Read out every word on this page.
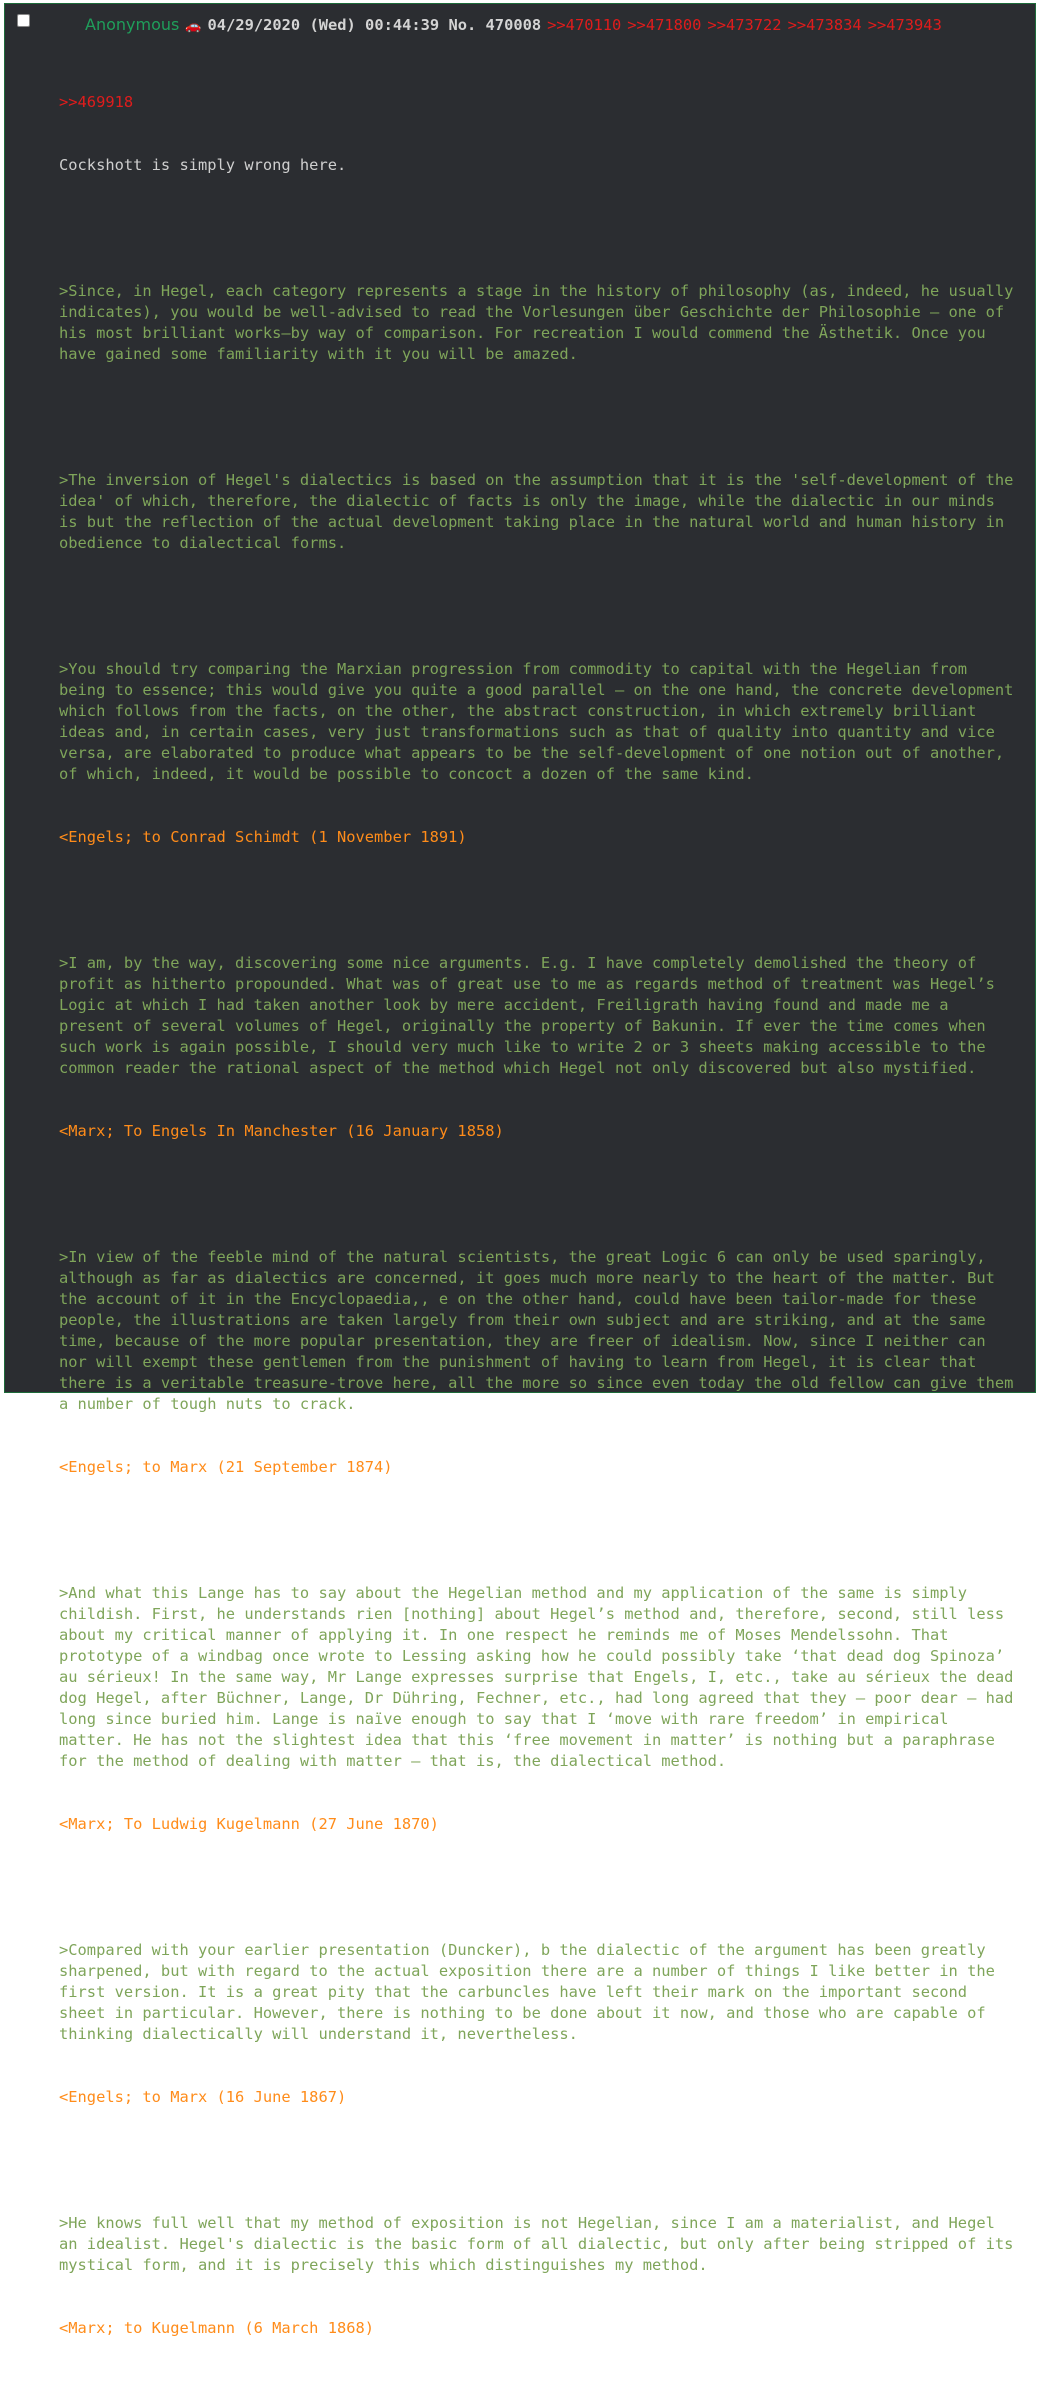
Anonymous 🚗 04/29/2020 (Wed) 00:44:39 No. 470008 >>470110 >>471800 >>473722 >>473834 >>473943

>>469918

Cockshott is simply wrong here.

>Since, in Hegel, each category represents a stage in the history of philosophy (as, indeed, he usually indicates), you would be well-advised to read the Vorlesungen über Geschichte der Philosophie — one of his most brilliant works—by way of comparison. For recreation I would commend the Ästhetik. Once you have gained some familiarity with it you will be amazed.

>The inversion of Hegel's dialectics is based on the assumption that it is the 'self-development of the idea' of which, therefore, the dialectic of facts is only the image, while the dialectic in our minds is but the reflection of the actual development taking place in the natural world and human history in obedience to dialectical forms.

>You should try comparing the Marxian progression from commodity to capital with the Hegelian from being to essence; this would give you quite a good parallel — on the one hand, the concrete development which follows from the facts, on the other, the abstract construction, in which extremely brilliant ideas and, in certain cases, very just transformations such as that of quality into quantity and vice versa, are elaborated to produce what appears to be the self-development of one notion out of another, of which, indeed, it would be possible to concoct a dozen of the same kind.

<Engels; to Conrad Schimdt (1 November 1891)

>I am, by the way, discovering some nice arguments. E.g. I have completely demolished the theory of profit as hitherto propounded. What was of great use to me as regards method of treatment was Hegel’s Logic at which I had taken another look by mere accident, Freiligrath having found and made me a present of several volumes of Hegel, originally the property of Bakunin. If ever the time comes when such work is again possible, I should very much like to write 2 or 3 sheets making accessible to the common reader the rational aspect of the method which Hegel not only discovered but also mystified.

<Marx; To Engels In Manchester (16 January 1858)

>In view of the feeble mind of the natural scientists, the great Logic 6 can only be used sparingly, although as far as dialectics are concerned, it goes much more nearly to the heart of the matter. But the account of it in the Encyclopaedia,, e on the other hand, could have been tailor-made for these people, the illustrations are taken largely from their own subject and are striking, and at the same time, because of the more popular presentation, they are freer of idealism. Now, since I neither can nor will exempt these gentlemen from the punishment of having to learn from Hegel, it is clear that there is a veritable treasure-trove here, all the more so since even today the old fellow can give them a number of tough nuts to crack.

<Engels; to Marx (21 September 1874)

>And what this Lange has to say about the Hegelian method and my application of the same is simply childish. First, he understands rien [nothing] about Hegel’s method and, therefore, second, still less about my critical manner of applying it. In one respect he reminds me of Moses Mendelssohn. That prototype of a windbag once wrote to Lessing asking how he could possibly take ‘that dead dog Spinoza’ au sérieux! In the same way, Mr Lange expresses surprise that Engels, I, etc., take au sérieux the dead dog Hegel, after Büchner, Lange, Dr Dühring, Fechner, etc., had long agreed that they — poor dear — had long since buried him. Lange is naïve enough to say that I ‘move with rare freedom’ in empirical matter. He has not the slightest idea that this ‘free movement in matter’ is nothing but a paraphrase for the method of dealing with matter — that is, the dialectical method.

<Marx; To Ludwig Kugelmann (27 June 1870)

>Compared with your earlier presentation (Duncker), b the dialectic of the argument has been greatly sharpened, but with regard to the actual exposition there are a number of things I like better in the first version. It is a great pity that the carbuncles have left their mark on the important second sheet in particular. However, there is nothing to be done about it now, and those who are capable of thinking dialectically will understand it, nevertheless.

<Engels; to Marx (16 June 1867)

>He knows full well that my method of exposition is not Hegelian, since I am a materialist, and Hegel an idealist. Hegel's dialectic is the basic form of all dialectic, but only after being stripped of its mystical form, and it is precisely this which distinguishes my method.

<Marx; to Kugelmann (6 March 1868)
